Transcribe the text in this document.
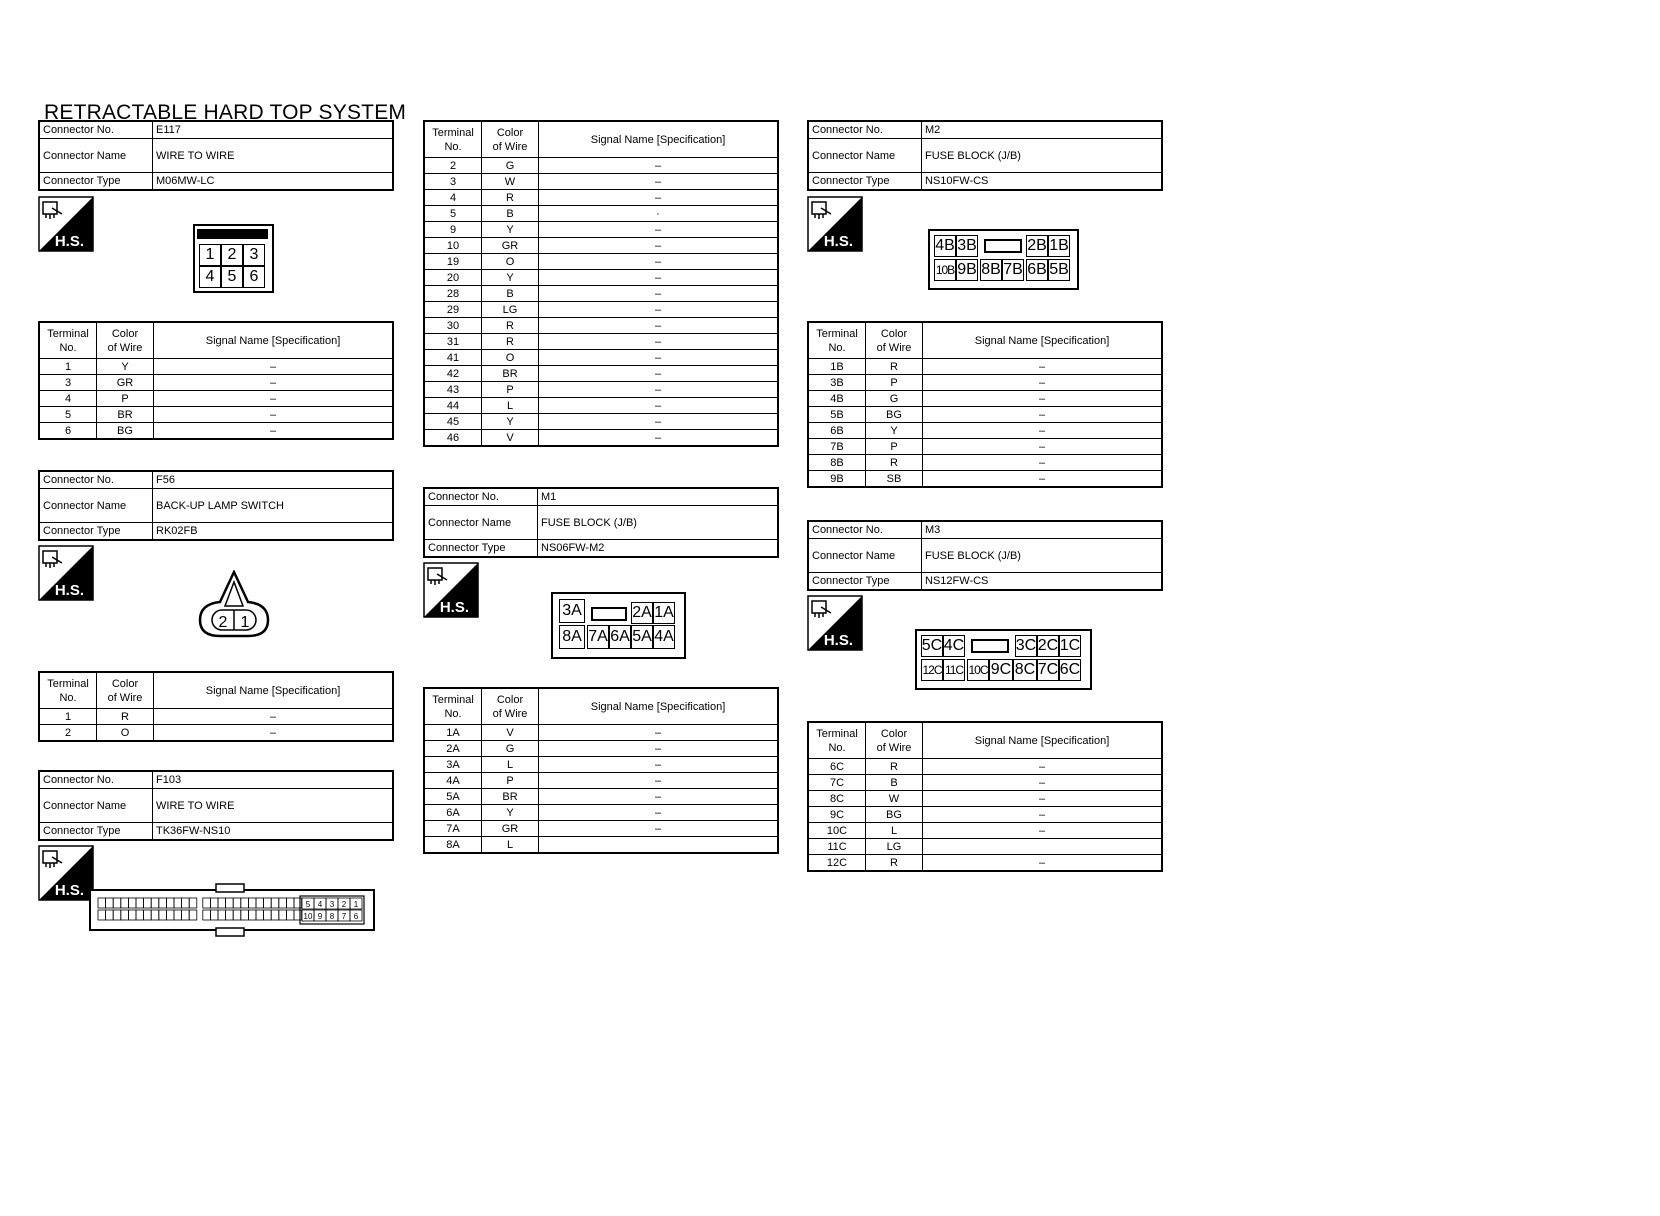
RETRACTABLE HARD TOP SYSTEM
Connector No.	E117
Connector Name	WIRE TO WIRE
Connector Type	M06MW-LC
H.S.
1 2 3
4 5 6
Terminal
No.	Color
of Wire	Signal Name [Specification]
1	Y	–
3	GR	–
4	P	–
5	BR	–
6	BG	–
Connector No.	F56
Connector Name	BACK-UP LAMP SWITCH
Connector Type	RK02FB
H.S.
2 1
Terminal
No.	Color
of Wire	Signal Name [Specification]
1	R	–
2	O	–
Connector No.	F103
Connector Name	WIRE TO WIRE
Connector Type	TK36FW-NS10
H.S.
5 4 3 2 1
10 9 8 7 6
Terminal
No.	Color
of Wire	Signal Name [Specification]
2	G	–
3	W	–
4	R	–
5	B	·
9	Y	–
10	GR	–
19	O	–
20	Y	–
28	B	–
29	LG	–
30	R	–
31	R	–
41	O	–
42	BR	–
43	P	–
44	L	–
45	Y	–
46	V	–
Connector No.	M1
Connector Name	FUSE BLOCK (J/B)
Connector Type	NS06FW-M2
H.S.	3A	2A 1A
8A 7A 6A 5A 4A
Terminal
No.	Color
of Wire	Signal Name [Specification]
1A	V	–
2A	G	–
3A	L	–
4A	P	–
5A	BR	–
6A	Y	–
7A	GR	–
8A	L	
Connector No.	M2
Connector Name	FUSE BLOCK (J/B)
Connector Type	NS10FW-CS
H.S.	4B 3B	2B 1B
10B 9B 8B 7B 6B 5B
Terminal
No.	Color
of Wire	Signal Name [Specification]
1B	R	–
3B	P	–
4B	G	–
5B	BG	–
6B	Y	–
7B	P	–
8B	R	–
9B	SB	–
Connector No.	M3
Connector Name	FUSE BLOCK (J/B)
Connector Type	NS12FW-CS
H.S.	5C 4C	3C 2C 1C
12C 11C 10C 9C 8C 7C 6C
Terminal
No.	Color
of Wire	Signal Name [Specification]
6C	R	–
7C	B	–
8C	W	–
9C	BG	–
10C	L	–
11C	LG	
12C	R	–
